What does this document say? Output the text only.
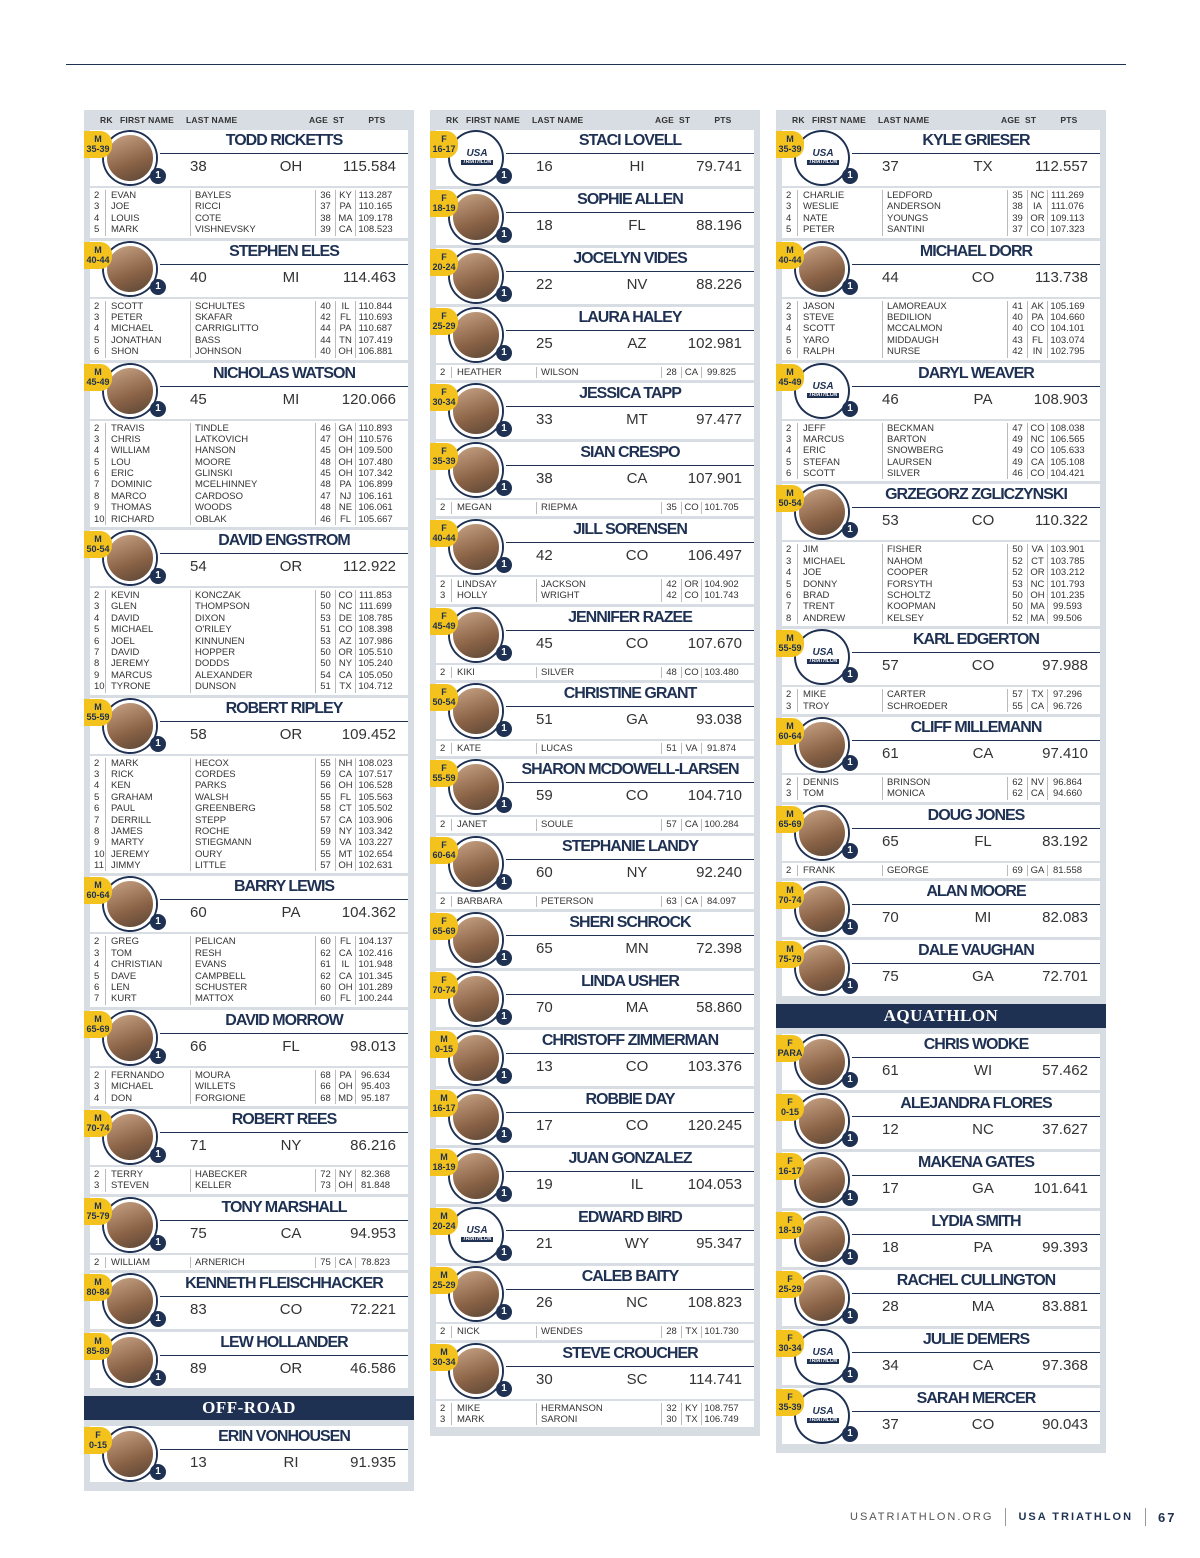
RK FIRST NAME	LAST NAME	AGE ST	PTS
M
35-39
1
TODD RICKETTS
38	OH	115.584
2	EVAN	BAYLES	36 KY 113.287
3	JOE	RICCI	37 PA 110.165
4	LOUIS	COTE	38 MA 109.178
5	MARK	VISHNEVSKY	39 CA 108.523
M
40-44
1
STEPHEN ELES
40	MI	114.463
2	SCOTT	SCHULTES	40	IL 110.844
3	PETER	SKAFAR	42 FL 110.693
4	MICHAEL	CARRIGLITTO	44 PA 110.687
5	JONATHAN	BASS	44 TN 107.419
6	SHON	JOHNSON	40 OH 106.881
M
45-49
1
NICHOLAS WATSON
45	MI	120.066
2	TRAVIS	TINDLE	46 GA 110.893
3	CHRIS	LATKOVICH	47 OH 110.576
4	WILLIAM	HANSON	45 OH 109.500
5	LOU	MOORE	48 OH 107.480
6	ERIC	GLINSKI	45 OH 107.342
7	DOMINIC	MCELHINNEY	48 PA 106.899
8	MARCO	CARDOSO	47 NJ 106.161
9	THOMAS	WOODS	48 NE 106.061
10 RICHARD	OBLAK	46 FL 105.667
M
50-54
1
DAVID ENGSTROM
54	OR	112.922
2	KEVIN	KONCZAK	50 CO 111.853
3	GLEN	THOMPSON	50 NC 111.699
4	DAVID	DIXON	53 DE 108.785
5	MICHAEL	O'RILEY	51 CO 108.398
6	JOEL	KINNUNEN	53 AZ 107.986
7	DAVID	HOPPER	50 OR 105.510
8	JEREMY	DODDS	50 NY 105.240
9	MARCUS	ALEXANDER	54 CA 105.050
10 TYRONE	DUNSON	51 TX 104.712
M
55-59
1
ROBERT RIPLEY
58	OR	109.452
2	MARK	HECOX	55 NH 108.023
3	RICK	CORDES	59 CA 107.517
4	KEN	PARKS	56 OH 106.528
5	GRAHAM	WALSH	55 FL 105.563
6	PAUL	GREENBERG	58 CT 105.502
7	DERRILL	STEPP	57 CA 103.906
8	JAMES	ROCHE	59 NY 103.342
9	MARTY	STIEGMANN	59 VA 103.227
10 JEREMY	OURY	55 MT 102.654
11 JIMMY	LITTLE	57 OH 102.631
M
60-64
1
BARRY LEWIS
60	PA	104.362
2	GREG	PELICAN	60 FL 104.137
3	TOM	RESH	62 CA 102.416
4	CHRISTIAN	EVANS	61	IL 101.948
5	DAVE	CAMPBELL	62 CA 101.345
6	LEN	SCHUSTER	60 OH 101.289
7	KURT	MATTOX	60 FL 100.244
M
65-69
1
DAVID MORROW
66	FL	98.013
2	FERNANDO	MOURA	68 PA 96.634
3	MICHAEL	WILLETS	66 OH 95.403
4	DON	FORGIONE	68 MD 95.187
M
70-74
1
ROBERT REES
71	NY	86.216
2	TERRY	HABECKER	72 NY 82.368
3	STEVEN	KELLER	73 OH 81.848
M
75-79
1
TONY MARSHALL
75	CA	94.953
2	WILLIAM	ARNERICH	75 CA 78.823
M
80-84
1
KENNETH FLEISCHHACKER
83	CO	72.221
M
85-89
1
LEW HOLLANDER
89	OR	46.586
OFF-ROAD
F
0-15
1
ERIN VONHOUSEN
13	RI	91.935
RK FIRST NAME	LAST NAME	AGE ST	PTS
F
16-17	USA
TRIATHLON
1
STACI LOVELL
16	HI	79.741
F
18-19
1
SOPHIE ALLEN
18	FL	88.196
F
20-24
1
JOCELYN VIDES
22	NV	88.226
F
25-29
1
LAURA HALEY
25	AZ	102.981
2	HEATHER	WILSON	28 CA 99.825
F
30-34
1
JESSICA TAPP
33	MT	97.477
F
35-39
1
SIAN CRESPO
38	CA	107.901
2	MEGAN	RIEPMA	35 CO 101.705
F
40-44
1
JILL SORENSEN
42	CO	106.497
2	LINDSAY	JACKSON	42 OR 104.902
3	HOLLY	WRIGHT	42 CO 101.743
F
45-49
1
JENNIFER RAZEE
45	CO	107.670
2	KIKI	SILVER	48 CO 103.480
F
50-54
1
CHRISTINE GRANT
51	GA	93.038
2	KATE	LUCAS	51 VA 91.874
F
55-59
1
SHARON MCDOWELL-LARSEN
59	CO	104.710
2	JANET	SOULE	57 CA 100.284
F
60-64
1
STEPHANIE LANDY
60	NY	92.240
2	BARBARA	PETERSON	63 CA 84.097
F
65-69
1
SHERI SCHROCK
65	MN	72.398
F
70-74
1
LINDA USHER
70	MA	58.860
M
0-15
1
CHRISTOFF ZIMMERMAN
13	CO	103.376
M
16-17
1
ROBBIE DAY
17	CO	120.245
M
18-19
1
JUAN GONZALEZ
19	IL	104.053
M
20-24	USA
TRIATHLON
1
EDWARD BIRD
21	WY	95.347
M
25-29
1
CALEB BAITY
26	NC	108.823
2	NICK	WENDES	28 TX 101.730
M
30-34
1
STEVE CROUCHER
30	SC	114.741
2	MIKE	HERMANSON	32 KY 108.757
3	MARK	SARONI	30 TX 106.749
RK FIRST NAME	LAST NAME	AGE ST	PTS
M
35-39	USA
TRIATHLON
1
KYLE GRIESER
37	TX	112.557
2	CHARLIE	LEDFORD	35 NC 111.269
3	WESLIE	ANDERSON	38	IA 111.076
4	NATE	YOUNGS	39 OR 109.113
5	PETER	SANTINI	37 CO 107.323
M
40-44
1
MICHAEL DORR
44	CO	113.738
2	JASON	LAMOREAUX	41 AK 105.169
3	STEVE	BEDILION	40 PA 104.660
4	SCOTT	MCCALMON	40 CO 104.101
5	YARO	MIDDAUGH	43 FL 103.074
6	RALPH	NURSE	42	IN 102.795
M
45-49	USA
TRIATHLON
1
DARYL WEAVER
46	PA	108.903
2	JEFF	BECKMAN	47 CO 108.038
3	MARCUS	BARTON	49 NC 106.565
4	ERIC	SNOWBERG	49 CO 105.633
5	STEFAN	LAURSEN	49 CA 105.108
6	SCOTT	SILVER	46 CO 104.421
M
50-54
1
GRZEGORZ ZGLICZYNSKI
53	CO	110.322
2	JIM	FISHER	50 VA 103.901
3	MICHAEL	NAHOM	52 CT 103.785
4	JOE	COOPER	52 OR 103.212
5	DONNY	FORSYTH	53 NC 101.793
6	BRAD	SCHOLTZ	50 OH 101.235
7	TRENT	KOOPMAN	50 MA 99.593
8	ANDREW	KELSEY	52 MA 99.506
M
55-59	USA
TRIATHLON
1
KARL EDGERTON
57	CO	97.988
2	MIKE	CARTER	57 TX 97.296
3	TROY	SCHROEDER	55 CA 96.726
M
60-64
1
CLIFF MILLEMANN
61	CA	97.410
2	DENNIS	BRINSON	62 NV 96.864
3	TOM	MONICA	62 CA 94.660
M
65-69
1
DOUG JONES
65	FL	83.192
2	FRANK	GEORGE	69 GA 81.558
M
70-74
1
ALAN MOORE
70	MI	82.083
M
75-79
1
DALE VAUGHAN
75	GA	72.701
AQUATHLON
F
PARA
1
CHRIS WODKE
61	WI	57.462
F
0-15
1
ALEJANDRA FLORES
12	NC	37.627
F
16-17
1
MAKENA GATES
17	GA	101.641
F
18-19
1
LYDIA SMITH
18	PA	99.393
F
25-29
1
RACHEL CULLINGTON
28	MA	83.881
F
30-34	USA
TRIATHLON
1
JULIE DEMERS
34	CA	97.368
F
35-39	USA
TRIATHLON
1
SARAH MERCER
37	CO	90.043
USATRIATHLON.ORG USA TRIATHLON 67
